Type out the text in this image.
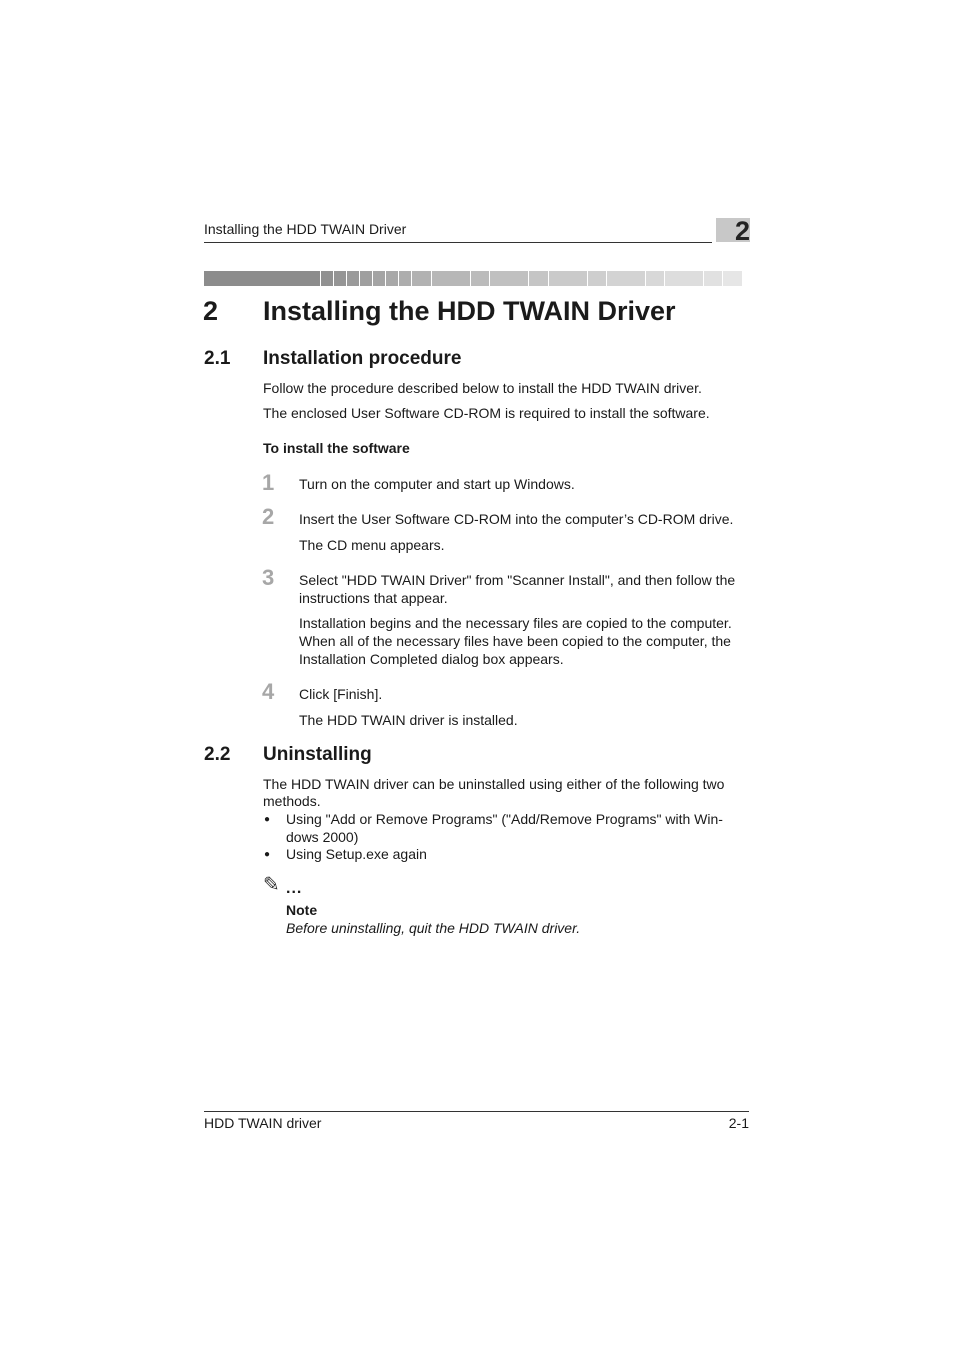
Installing the HDD TWAIN Driver	2
2 Installing the HDD TWAIN Driver
2.1 Installation procedure
Follow the procedure described below to install the HDD TWAIN driver.
The enclosed User Software CD-ROM is required to install the software.
To install the software
1 Turn on the computer and start up Windows.
2 Insert the User Software CD-ROM into the computer’s CD-ROM drive.
The CD menu appears.
3 Select "HDD TWAIN Driver" from "Scanner Install", and then follow the
instructions that appear.
Installation begins and the necessary files are copied to the computer.
When all of the necessary files have been copied to the computer, the
Installation Completed dialog box appears.
4 Click [Finish].
The HDD TWAIN driver is installed.
2.2 Uninstalling
The HDD TWAIN driver can be uninstalled using either of the following two
methods.
● Using "Add or Remove Programs" ("Add/Remove Programs" with Win-
dows 2000)
● Using Setup.exe again
✎ ...
Note
Before uninstalling, quit the HDD TWAIN driver.
HDD TWAIN driver	2-1
